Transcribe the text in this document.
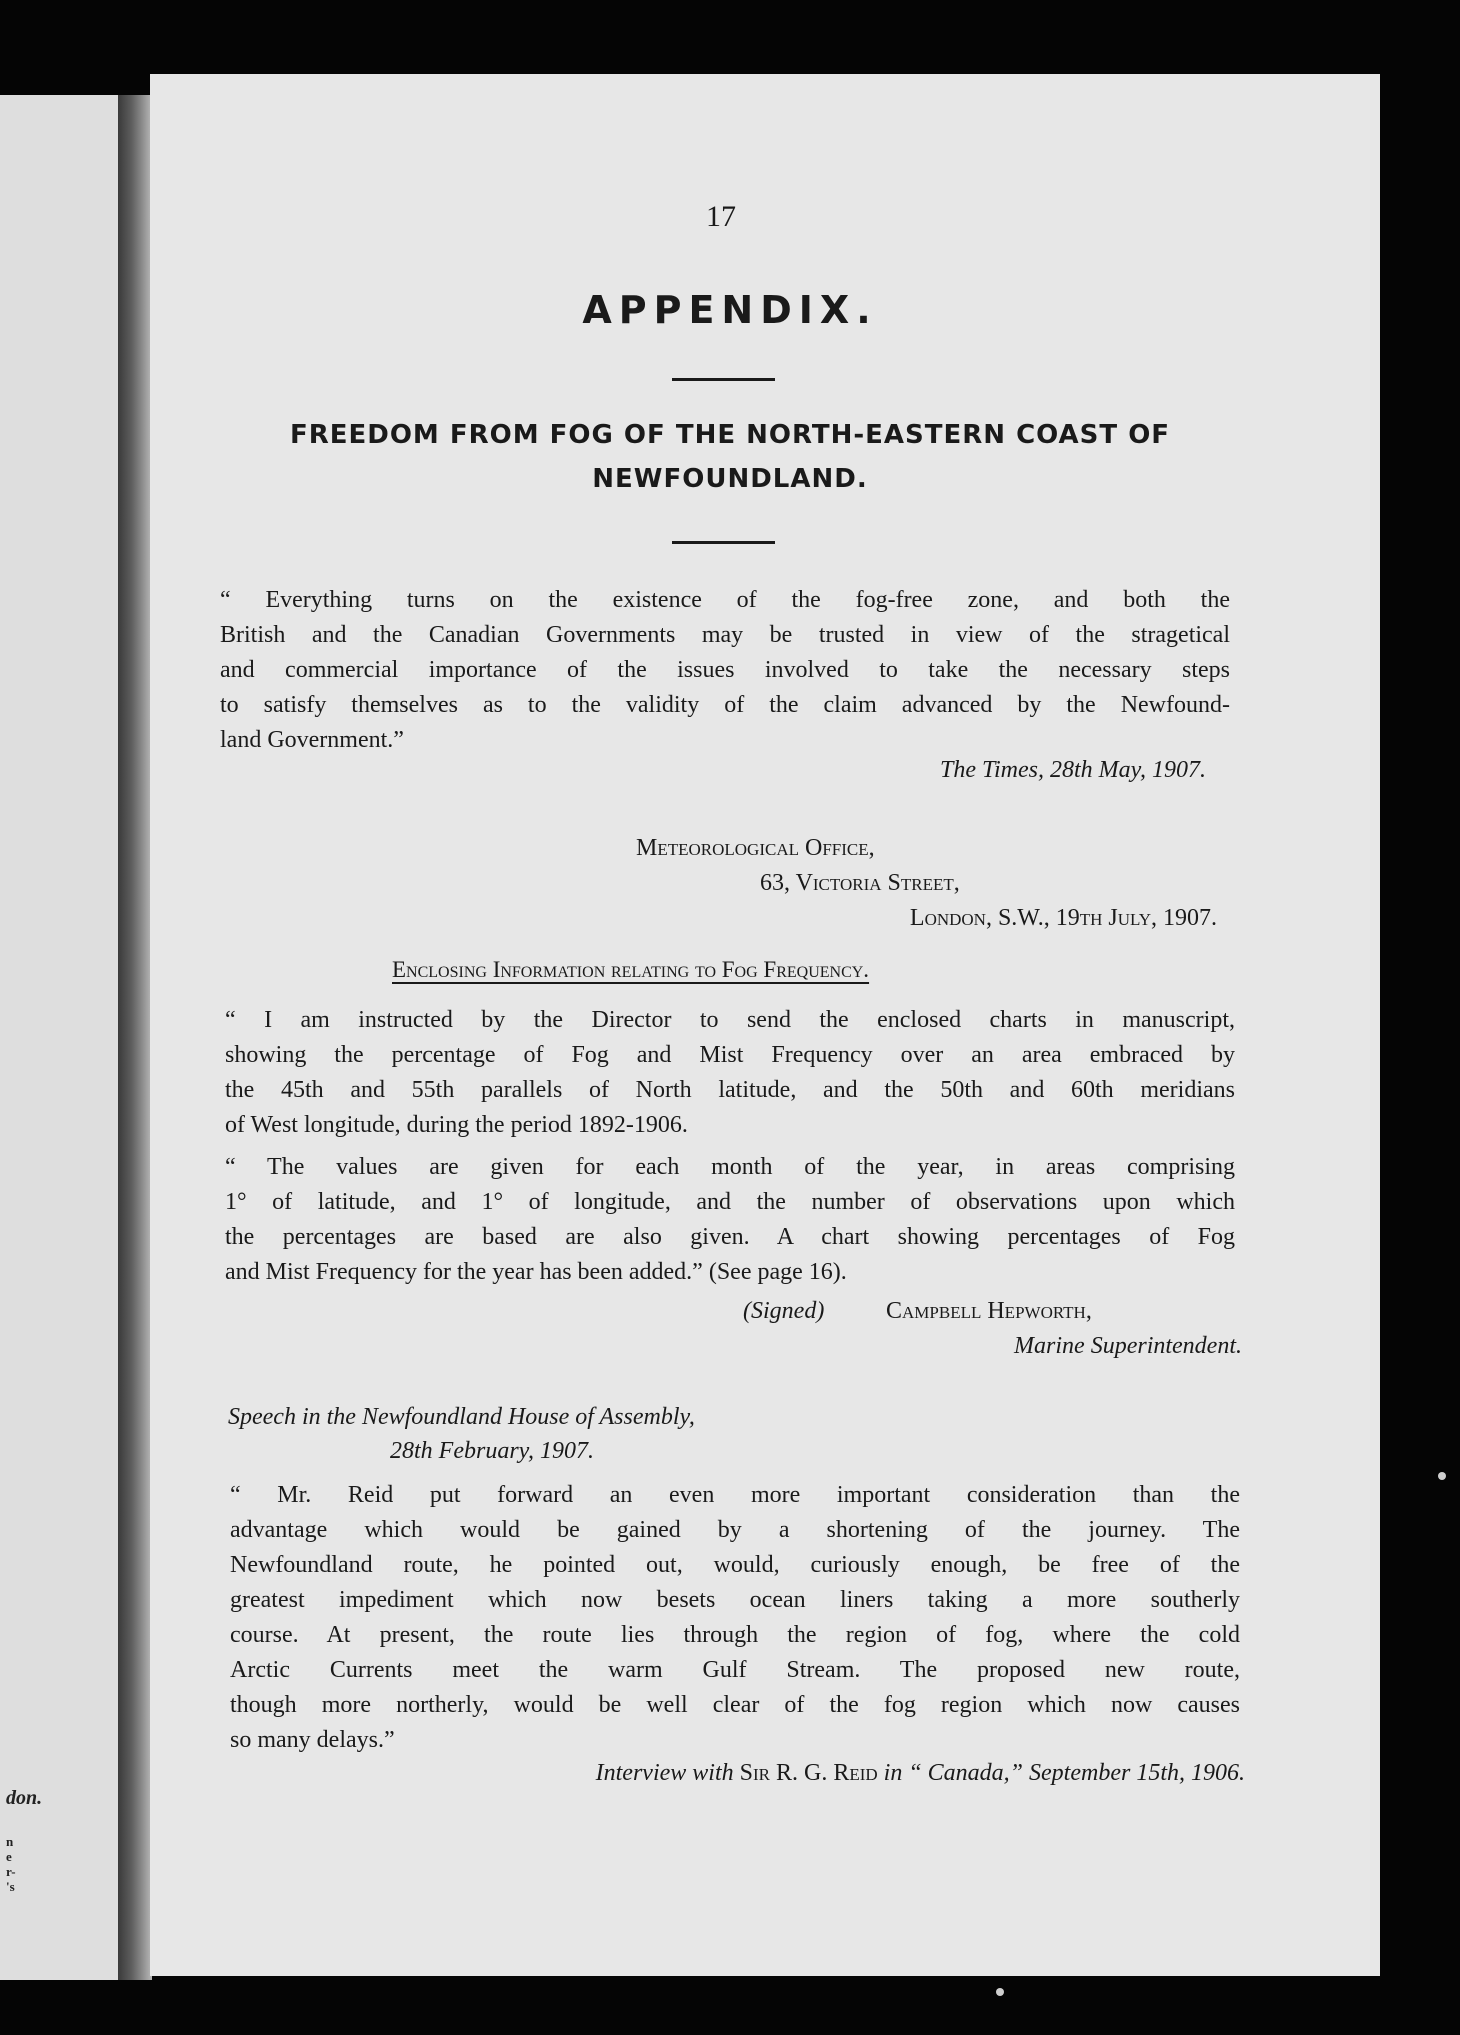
don.
n
e
r-
's
17
APPENDIX.
FREEDOM FROM FOG OF THE NORTH-EASTERN COAST OF
NEWFOUNDLAND.
“ Everything turns on the existence of the fog-free zone, and both the
British and the Canadian Governments may be trusted in view of the stragetical
and commercial importance of the issues involved to take the necessary steps
to satisfy themselves as to the validity of the claim advanced by the Newfound-
land Government.”
The Times, 28th May, 1907.
Meteorological Office,
63, Victoria Street,
London, S.W., 19th July, 1907.
Enclosing Information relating to Fog Frequency.
“ I am instructed by the Director to send the enclosed charts in manuscript,
showing the percentage of Fog and Mist Frequency over an area embraced by
the 45th and 55th parallels of North latitude, and the 50th and 60th meridians
of West longitude, during the period 1892-1906.
“ The values are given for each month of the year, in areas comprising
1° of latitude, and 1° of longitude, and the number of observations upon which
the percentages are based are also given. A chart showing percentages of Fog
and Mist Frequency for the year has been added.” (See page 16).
(Signed)	Campbell Hepworth,
Marine Superintendent.
Speech in the Newfoundland House of Assembly,
28th February, 1907.
“ Mr. Reid put forward an even more important consideration than the
advantage which would be gained by a shortening of the journey. The
Newfoundland route, he pointed out, would, curiously enough, be free of the
greatest impediment which now besets ocean liners taking a more southerly
course. At present, the route lies through the region of fog, where the cold
Arctic Currents meet the warm Gulf Stream. The proposed new route,
though more northerly, would be well clear of the fog region which now causes
so many delays.”
Interview with Sir R. G. Reid in “ Canada,” September 15th, 1906.
